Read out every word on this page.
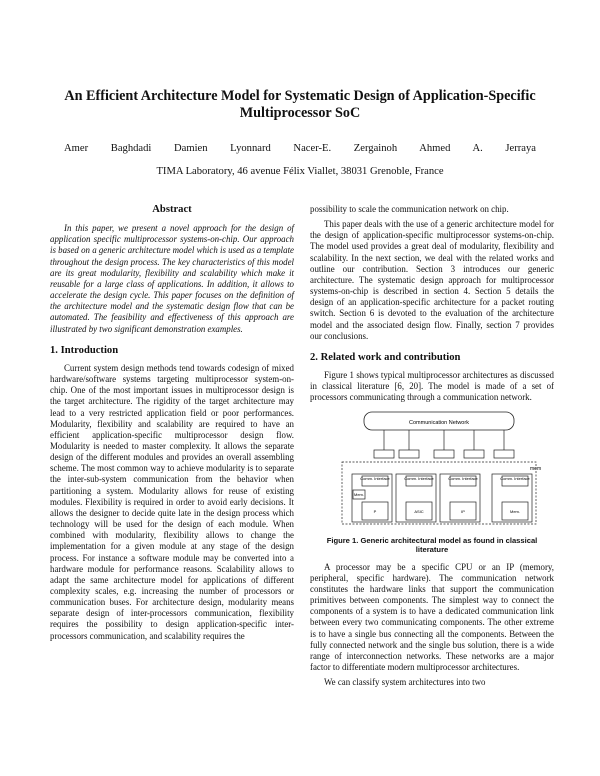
An Efficient Architecture Model for Systematic Design of Application-Specific Multiprocessor SoC
Amer Baghdadi Damien Lyonnard Nacer-E. Zergainoh Ahmed A. Jerraya
TIMA Laboratory, 46 avenue Félix Viallet, 38031 Grenoble, France
Abstract

In this paper, we present a novel approach for the design of application specific multiprocessor systems-on-chip. Our approach is based on a generic architecture model which is used as a template throughout the design process. The key characteristics of this model are its great modularity, flexibility and scalability which make it reusable for a large class of applications. In addition, it allows to accelerate the design cycle. This paper focuses on the definition of the architecture model and the systematic design flow that can be automated. The feasibility and effectiveness of this approach are illustrated by two significant demonstration examples.

1. Introduction

Current system design methods tend towards codesign of mixed hardware/software systems targeting multiprocessor system-on-chip. One of the most important issues in multiprocessor design is the target architecture. The rigidity of the target architecture may lead to a very restricted application field or poor performances. Modularity, flexibility and scalability are required to have an efficient application-specific multiprocessor design flow. Modularity is needed to master complexity. It allows the separate design of the different modules and provides an overall assembling scheme. The most common way to achieve modularity is to separate the inter-sub-system communication from the behavior when partitioning a system. Modularity allows for reuse of existing modules. Flexibility is required in order to avoid early decisions. It allows the designer to decide quite late in the design process which technology will be used for the design of each module. When combined with modularity, flexibility allows to change the implementation for a given module at any stage of the design process. For instance a software module may be converted into a hardware module for performance reasons. Scalability allows to adapt the same architecture model for applications of different complexity scales, e.g. increasing the number of processors or communication buses. For architecture design, modularity means separate design of inter-processors communication, flexibility requires the possibility to design application-specific inter-processors communication, and scalability requires the

possibility to scale the communication network on chip.

This paper deals with the use of a generic architecture model for the design of application-specific multiprocessor systems-on-chip. The model used provides a great deal of modularity, flexibility and scalability. In the next section, we deal with the related works and outline our contribution. Section 3 introduces our generic architecture. The systematic design approach for multiprocessor systems-on-chip is described in section 4. Section 5 details the design of an application-specific architecture for a packet routing switch. Section 6 is devoted to the evaluation of the architecture model and the associated design flow. Finally, section 7 provides our conclusions.

2. Related work and contribution

Figure 1 shows typical multiprocessor architectures as discussed in classical literature [6, 20]. The model is made of a set of processors communicating through a communication network.

Communication Network
mem
Comm. Interface	Comm. Interface	Comm. Interface	Comm. Interface
P	ASIC	IP	Mem.
Mem.
Figure 1. Generic architectural model as found in classical literature

A processor may be a specific CPU or an IP (memory, peripheral, specific hardware). The communication network constitutes the hardware links that support the communication primitives between components. The simplest way to connect the components of a system is to have a dedicated communication link between every two communicating components. The other extreme is to have a single bus connecting all the components. Between the fully connected network and the single bus solution, there is a wide range of interconnection networks. These networks are a major factor to differentiate modern multiprocessor architectures.

We can classify system architectures into two
